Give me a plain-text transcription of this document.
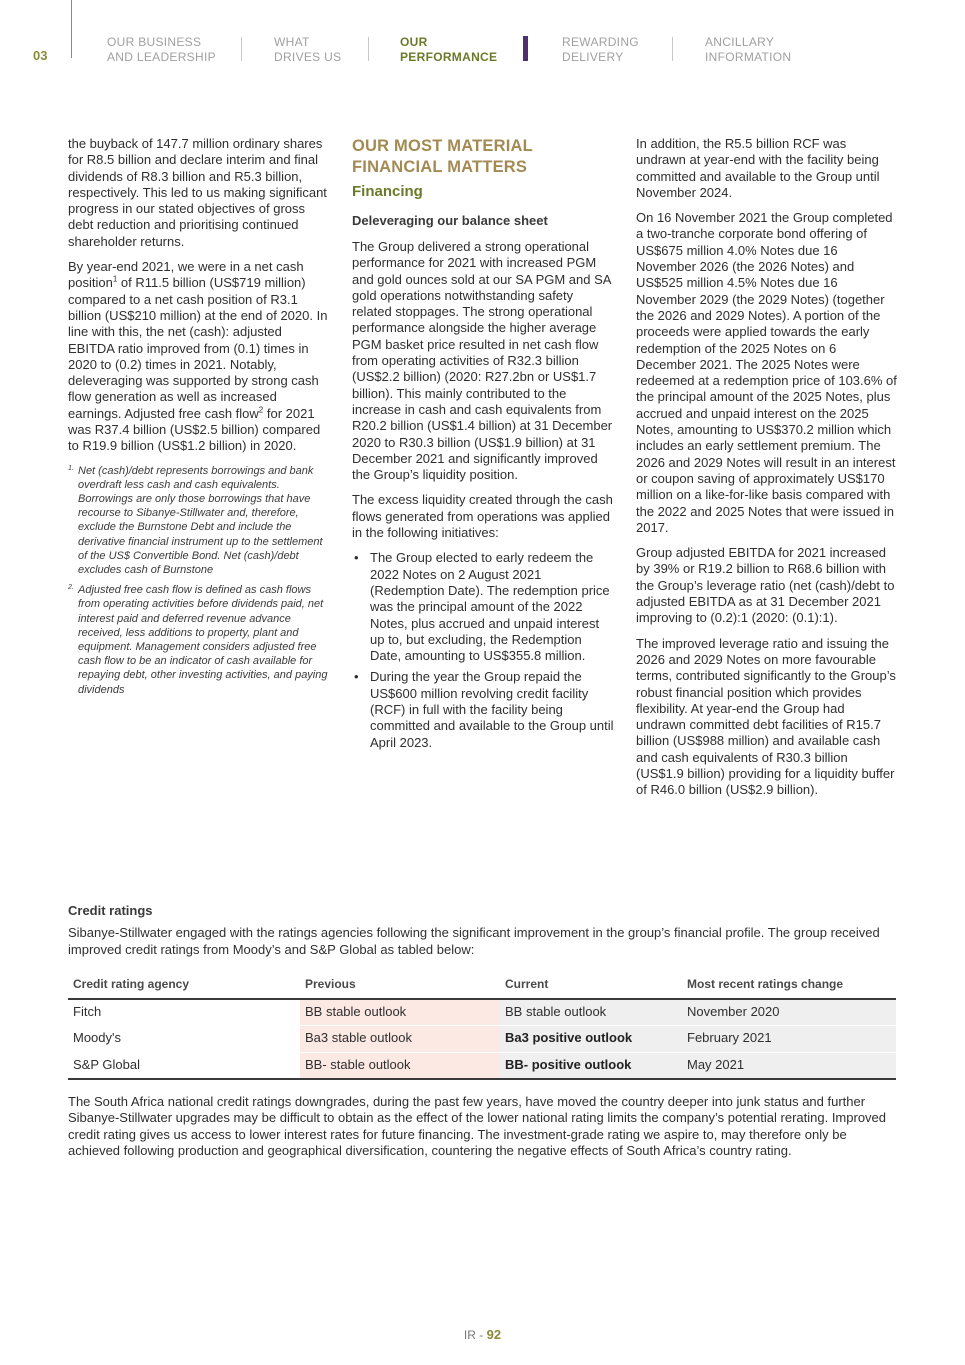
03
OUR BUSINESS
AND LEADERSHIP
WHAT
DRIVES US
OUR
PERFORMANCE
REWARDING
DELIVERY
ANCILLARY
INFORMATION

the buyback of 147.7 million ordinary shares for R8.5 billion and declare interim and final dividends of R8.3 billion and R5.3 billion, respectively. This led to us making significant progress in our stated objectives of gross debt reduction and prioritising continued shareholder returns.

By year-end 2021, we were in a net cash position$^1$ of R11.5 billion (US$719 million) compared to a net cash position of R3.1 billion (US$210 million) at the end of 2020. In line with this, the net (cash): adjusted EBITDA ratio improved from (0.1) times in 2020 to (0.2) times in 2021. Notably, deleveraging was supported by strong cash flow generation as well as increased earnings. Adjusted free cash flow$^2$ for 2021 was R37.4 billion (US$2.5 billion) compared to R19.9 billion (US$1.2 billion) in 2020.

1. Net (cash)/debt represents borrowings and bank overdraft less cash and cash equivalents. Borrowings are only those borrowings that have recourse to Sibanye-Stillwater and, therefore, exclude the Burnstone Debt and include the derivative financial instrument up to the settlement of the US$ Convertible Bond. Net (cash)/debt excludes cash of Burnstone

2. Adjusted free cash flow is defined as cash flows from operating activities before dividends paid, net interest paid and deferred revenue advance received, less additions to property, plant and equipment. Management considers adjusted free cash flow to be an indicator of cash available for repaying debt, other investing activities, and paying dividends

OUR MOST MATERIAL FINANCIAL MATTERS
Financing
Deleveraging our balance sheet

The Group delivered a strong operational performance for 2021 with increased PGM and gold ounces sold at our SA PGM and SA gold operations notwithstanding safety related stoppages. The strong operational performance alongside the higher average PGM basket price resulted in net cash flow from operating activities of R32.3 billion (US$2.2 billion) (2020: R27.2bn or US$1.7 billion). This mainly contributed to the increase in cash and cash equivalents from R20.2 billion (US$1.4 billion) at 31 December 2020 to R30.3 billion (US$1.9 billion) at 31 December 2021 and significantly improved the Group’s liquidity position.

The excess liquidity created through the cash flows generated from operations was applied in the following initiatives:

• The Group elected to early redeem the 2022 Notes on 2 August 2021 (Redemption Date). The redemption price was the principal amount of the 2022 Notes, plus accrued and unpaid interest up to, but excluding, the Redemption Date, amounting to US$355.8 million.
• During the year the Group repaid the US$600 million revolving credit facility (RCF) in full with the facility being committed and available to the Group until April 2023.

In addition, the R5.5 billion RCF was undrawn at year-end with the facility being committed and available to the Group until November 2024.

On 16 November 2021 the Group completed a two-tranche corporate bond offering of US$675 million 4.0% Notes due 16 November 2026 (the 2026 Notes) and US$525 million 4.5% Notes due 16 November 2029 (the 2029 Notes) (together the 2026 and 2029 Notes). A portion of the proceeds were applied towards the early redemption of the 2025 Notes on 6 December 2021. The 2025 Notes were redeemed at a redemption price of 103.6% of the principal amount of the 2025 Notes, plus accrued and unpaid interest on the 2025 Notes, amounting to US$370.2 million which includes an early settlement premium. The 2026 and 2029 Notes will result in an interest or coupon saving of approximately US$170 million on a like-for-like basis compared with the 2022 and 2025 Notes that were issued in 2017.

Group adjusted EBITDA for 2021 increased by 39% or R19.2 billion to R68.6 billion with the Group’s leverage ratio (net (cash)/debt to adjusted EBITDA as at 31 December 2021 improving to (0.2):1 (2020: (0.1):1).

The improved leverage ratio and issuing the 2026 and 2029 Notes on more favourable terms, contributed significantly to the Group’s robust financial position which provides flexibility. At year-end the Group had undrawn committed debt facilities of R15.7 billion (US$988 million) and available cash and cash equivalents of R30.3 billion (US$1.9 billion) providing for a liquidity buffer of R46.0 billion (US$2.9 billion).

Credit ratings
Sibanye-Stillwater engaged with the ratings agencies following the significant improvement in the group’s financial profile. The group received improved credit ratings from Moody’s and S&P Global as tabled below:
Credit rating agency	Previous	Current	Most recent ratings change
Fitch	BB stable outlook	BB stable outlook	November 2020
Moody's	Ba3 stable outlook	Ba3 positive outlook	February 2021
S&P Global	BB- stable outlook	BB- positive outlook	May 2021
The South Africa national credit ratings downgrades, during the past few years, have moved the country deeper into junk status and further Sibanye-Stillwater upgrades may be difficult to obtain as the effect of the lower national rating limits the company’s potential rerating. Improved credit rating gives us access to lower interest rates for future financing. The investment-grade rating we aspire to, may therefore only be achieved following production and geographical diversification, countering the negative effects of South Africa’s country rating.
IR - 92
